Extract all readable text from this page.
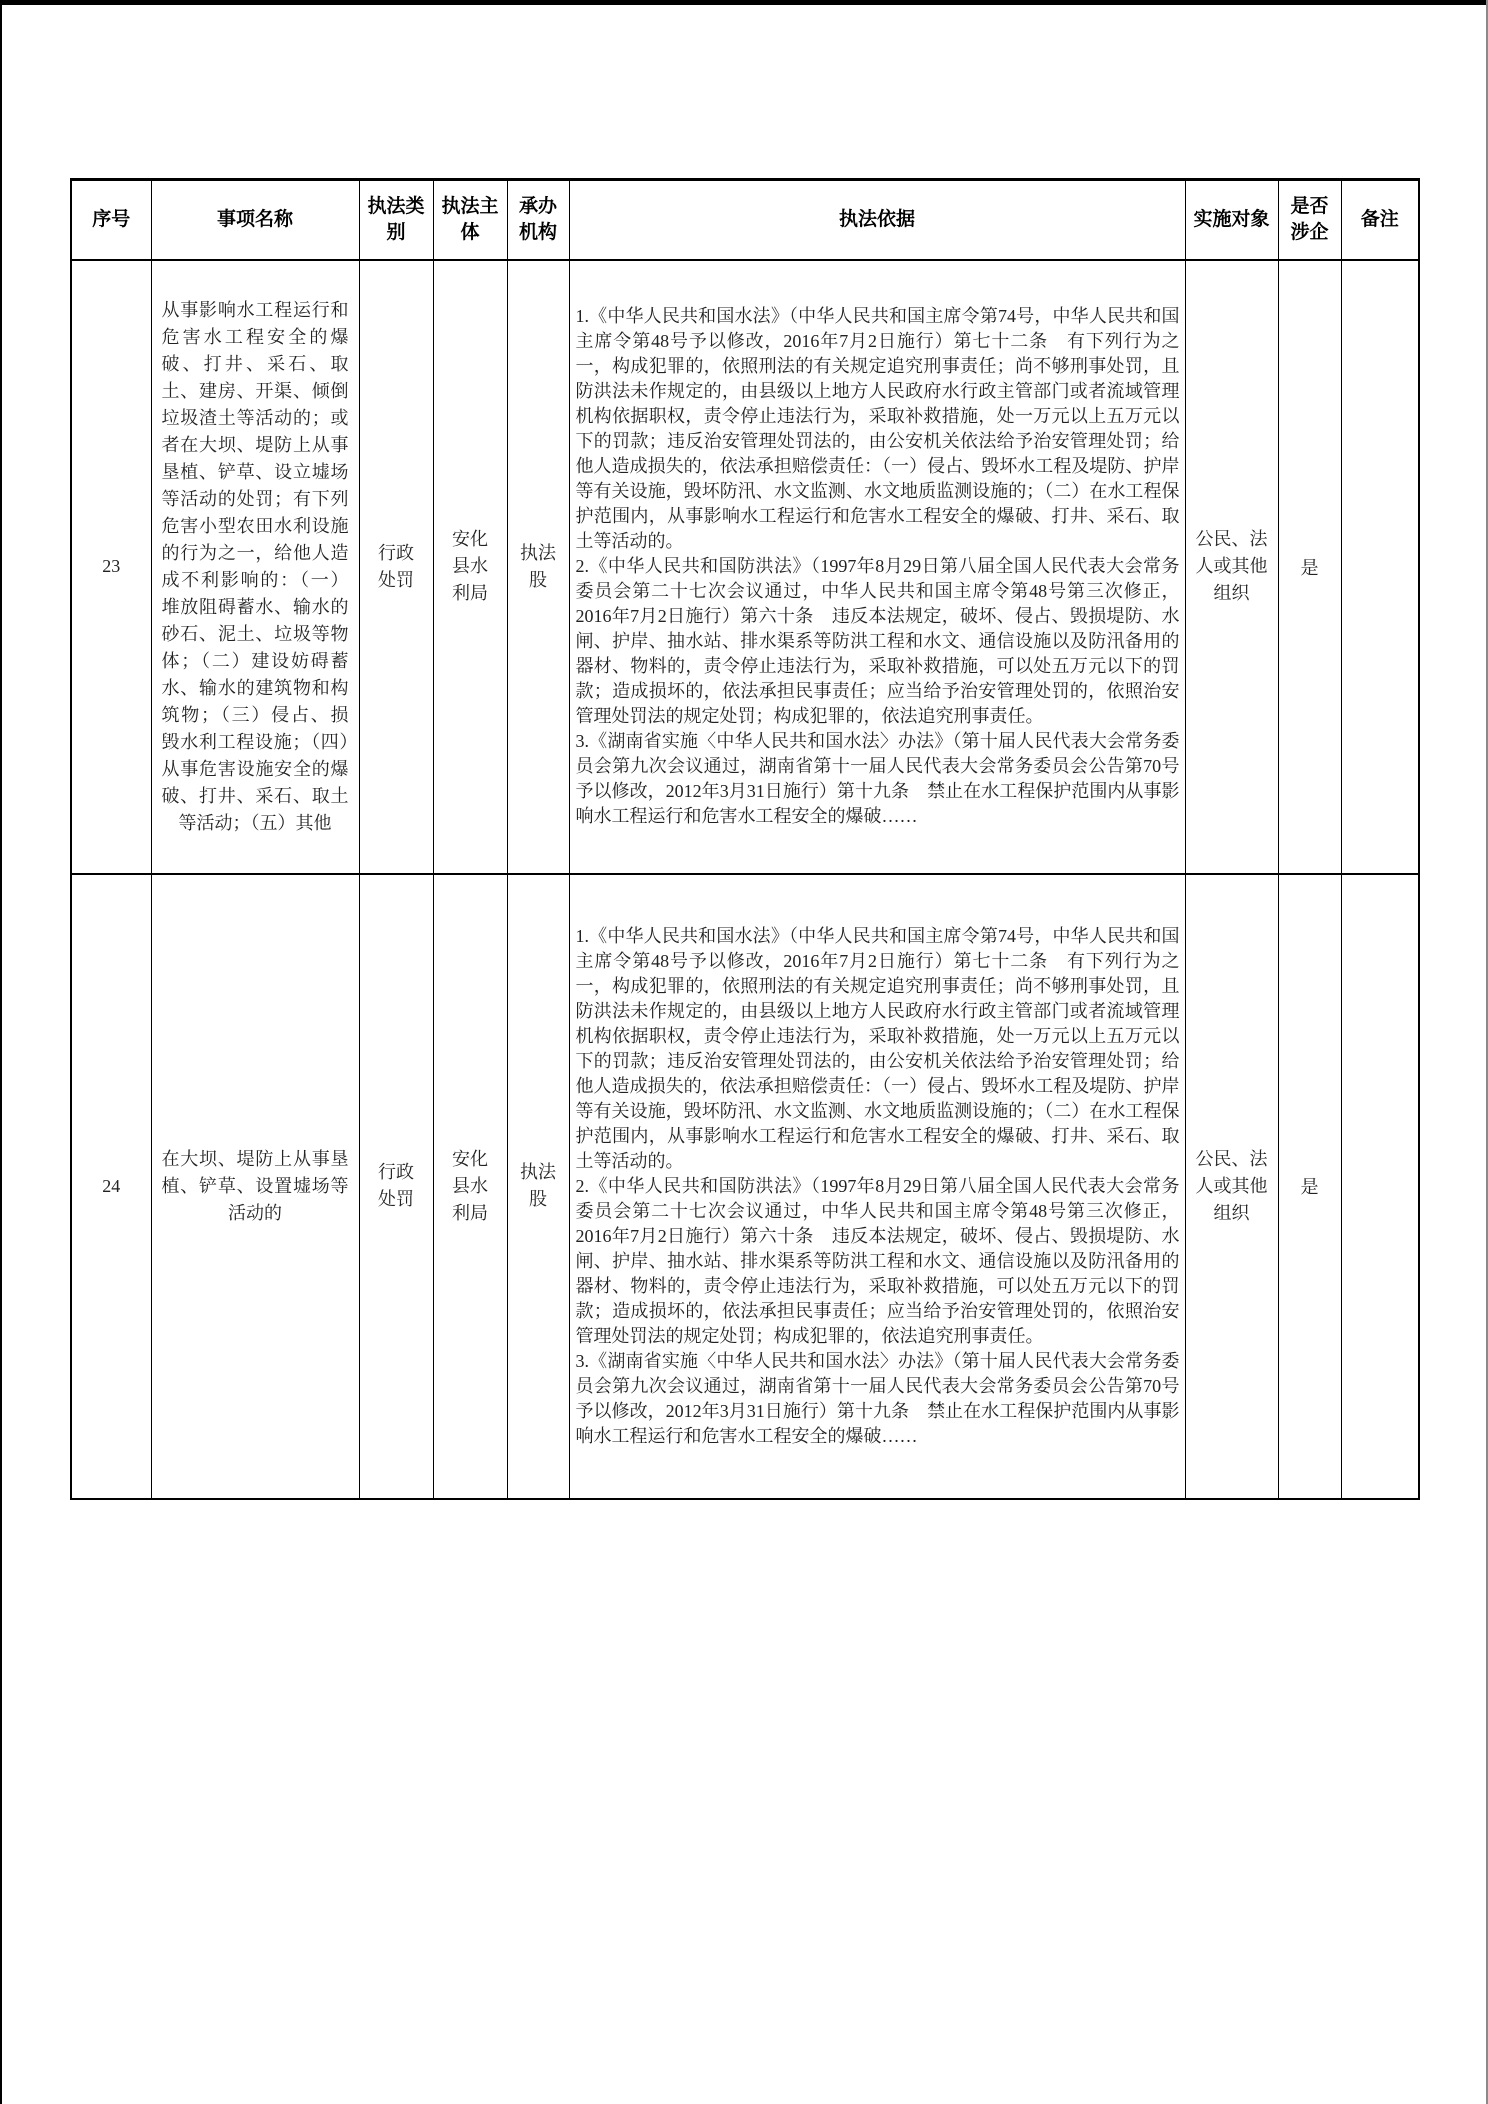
序号	事项名称	执法类别	执法主体	承办机构	执法依据	实施对象	是否涉企	备注
23	从事影响水工程运行和危害水工程安全的爆破、打井、采石、取土、建房、开渠、倾倒垃圾渣土等活动的；或者在大坝、堤防上从事垦植、铲草、设立墟场等活动的处罚；有下列危害小型农田水利设施的行为之一，给他人造成不利影响的：（一）堆放阻碍蓄水、输水的砂石、泥土、垃圾等物体；（二）建设妨碍蓄水、输水的建筑物和构筑物；（三）侵占、损毁水利工程设施；（四）从事危害设施安全的爆破、打井、采石、取土等活动；（五）其他	行政处罚	安化县水利局	执法股	1.《中华人民共和国水法》（中华人民共和国主席令第74号，中华人民共和国主席令第48号予以修改，2016年7月2日施行）第七十二条　有下列行为之一，构成犯罪的，依照刑法的有关规定追究刑事责任；尚不够刑事处罚，且防洪法未作规定的，由县级以上地方人民政府水行政主管部门或者流域管理机构依据职权，责令停止违法行为，采取补救措施，处一万元以上五万元以下的罚款；违反治安管理处罚法的，由公安机关依法给予治安管理处罚；给他人造成损失的，依法承担赔偿责任：（一）侵占、毁坏水工程及堤防、护岸等有关设施，毁坏防汛、水文监测、水文地质监测设施的；（二）在水工程保护范围内，从事影响水工程运行和危害水工程安全的爆破、打井、采石、取土等活动的。
2.《中华人民共和国防洪法》（1997年8月29日第八届全国人民代表大会常务委员会第二十七次会议通过，中华人民共和国主席令第48号第三次修正，2016年7月2日施行）第六十条　违反本法规定，破坏、侵占、毁损堤防、水闸、护岸、抽水站、排水渠系等防洪工程和水文、通信设施以及防汛备用的器材、物料的，责令停止违法行为，采取补救措施，可以处五万元以下的罚款；造成损坏的，依法承担民事责任；应当给予治安管理处罚的，依照治安管理处罚法的规定处罚；构成犯罪的，依法追究刑事责任。
3.《湖南省实施〈中华人民共和国水法〉办法》（第十届人民代表大会常务委员会第九次会议通过，湖南省第十一届人民代表大会常务委员会公告第70号予以修改，2012年3月31日施行）第十九条　禁止在水工程保护范围内从事影响水工程运行和危害水工程安全的爆破……	公民、法人或其他组织	是	
24	在大坝、堤防上从事垦植、铲草、设置墟场等活动的	行政处罚	安化县水利局	执法股	1.《中华人民共和国水法》（中华人民共和国主席令第74号，中华人民共和国主席令第48号予以修改，2016年7月2日施行）第七十二条　有下列行为之一，构成犯罪的，依照刑法的有关规定追究刑事责任；尚不够刑事处罚，且防洪法未作规定的，由县级以上地方人民政府水行政主管部门或者流域管理机构依据职权，责令停止违法行为，采取补救措施，处一万元以上五万元以下的罚款；违反治安管理处罚法的，由公安机关依法给予治安管理处罚；给他人造成损失的，依法承担赔偿责任：（一）侵占、毁坏水工程及堤防、护岸等有关设施，毁坏防汛、水文监测、水文地质监测设施的；（二）在水工程保护范围内，从事影响水工程运行和危害水工程安全的爆破、打井、采石、取土等活动的。
2.《中华人民共和国防洪法》（1997年8月29日第八届全国人民代表大会常务委员会第二十七次会议通过，中华人民共和国主席令第48号第三次修正，2016年7月2日施行）第六十条　违反本法规定，破坏、侵占、毁损堤防、水闸、护岸、抽水站、排水渠系等防洪工程和水文、通信设施以及防汛备用的器材、物料的，责令停止违法行为，采取补救措施，可以处五万元以下的罚款；造成损坏的，依法承担民事责任；应当给予治安管理处罚的，依照治安管理处罚法的规定处罚；构成犯罪的，依法追究刑事责任。
3.《湖南省实施〈中华人民共和国水法〉办法》（第十届人民代表大会常务委员会第九次会议通过，湖南省第十一届人民代表大会常务委员会公告第70号予以修改，2012年3月31日施行）第十九条　禁止在水工程保护范围内从事影响水工程运行和危害水工程安全的爆破……	公民、法人或其他组织	是	
